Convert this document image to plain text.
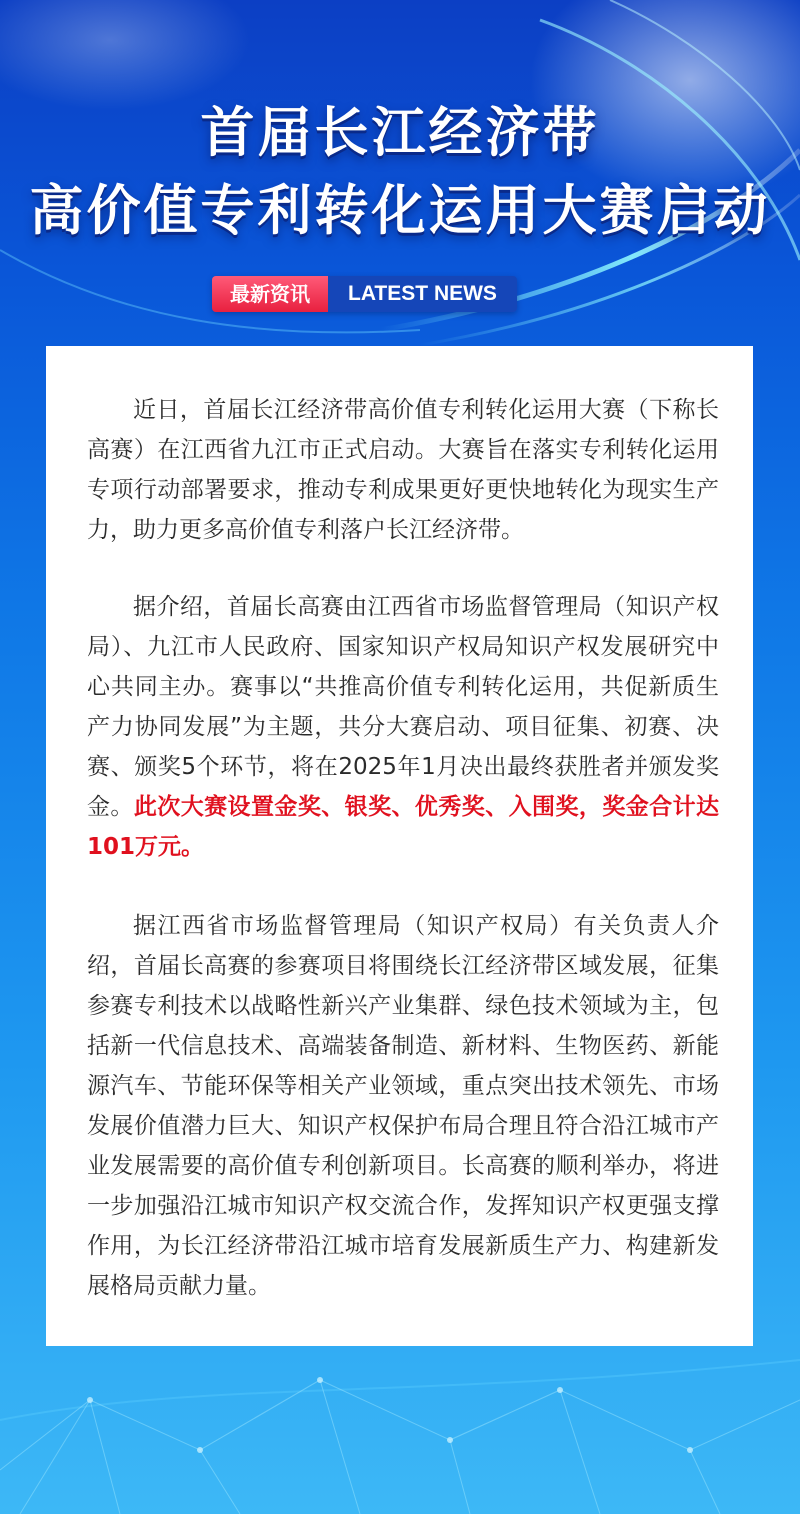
首届长江经济带
高价值专利转化运用大赛启动
最新资讯	LATEST NEWS

近日，首届长江经济带高价值专利转化运用大赛（下称长高赛）在江西省九江市正式启动。大赛旨在落实专利转化运用专项行动部署要求，推动专利成果更好更快地转化为现实生产力，助力更多高价值专利落户长江经济带。

据介绍，首届长高赛由江西省市场监督管理局（知识产权局）、九江市人民政府、国家知识产权局知识产权发展研究中心共同主办。赛事以“共推高价值专利转化运用，共促新质生产力协同发展”为主题，共分大赛启动、项目征集、初赛、决赛、颁奖5个环节，将在2025年1月决出最终获胜者并颁发奖金。此次大赛设置金奖、银奖、优秀奖、入围奖，奖金合计达101万元。

据江西省市场监督管理局（知识产权局）有关负责人介绍，首届长高赛的参赛项目将围绕长江经济带区域发展，征集参赛专利技术以战略性新兴产业集群、绿色技术领域为主，包括新一代信息技术、高端装备制造、新材料、生物医药、新能源汽车、节能环保等相关产业领域，重点突出技术领先、市场发展价值潜力巨大、知识产权保护布局合理且符合沿江城市产业发展需要的高价值专利创新项目。长高赛的顺利举办，将进一步加强沿江城市知识产权交流合作，发挥知识产权更强支撑作用，为长江经济带沿江城市培育发展新质生产力、构建新发展格局贡献力量。
